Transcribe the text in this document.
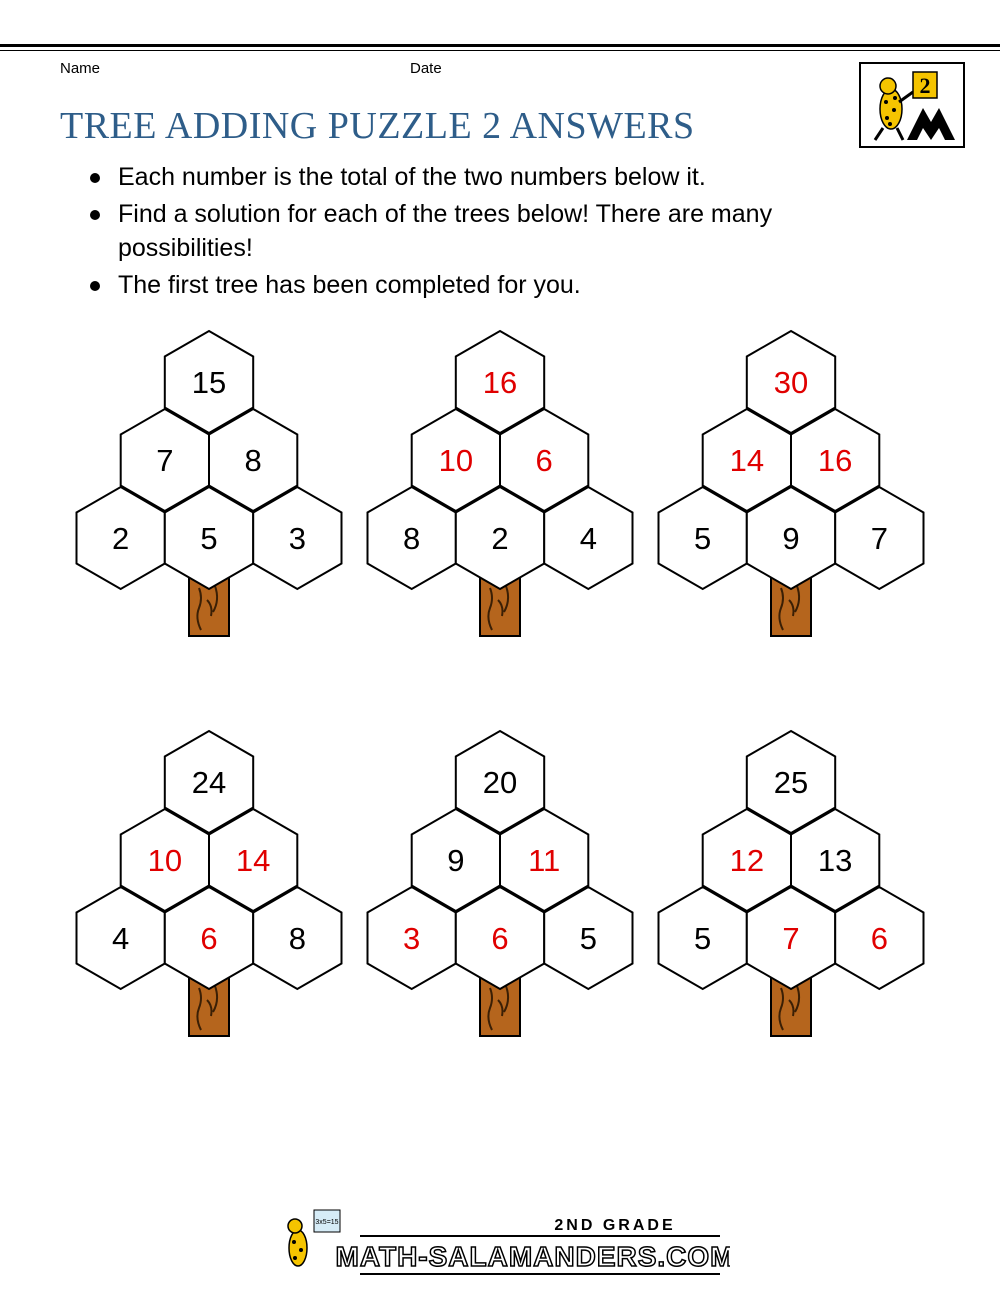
Name	Date
TREE ADDING PUZZLE 2 ANSWERS
2
Each number is the total of the two numbers below it.
Find a solution for each of the trees below! There are many possibilities!
The first tree has been completed for you.
15
7 8
2 5 3
16
10 6
8 2 4
30
14 16
5 9 7
24
10 14
4 6 8
20
9 11
3 6 5
25
12 13
5 7 6
3x5=15	2ND GRADE
MATH-SALAMANDERS.COM
